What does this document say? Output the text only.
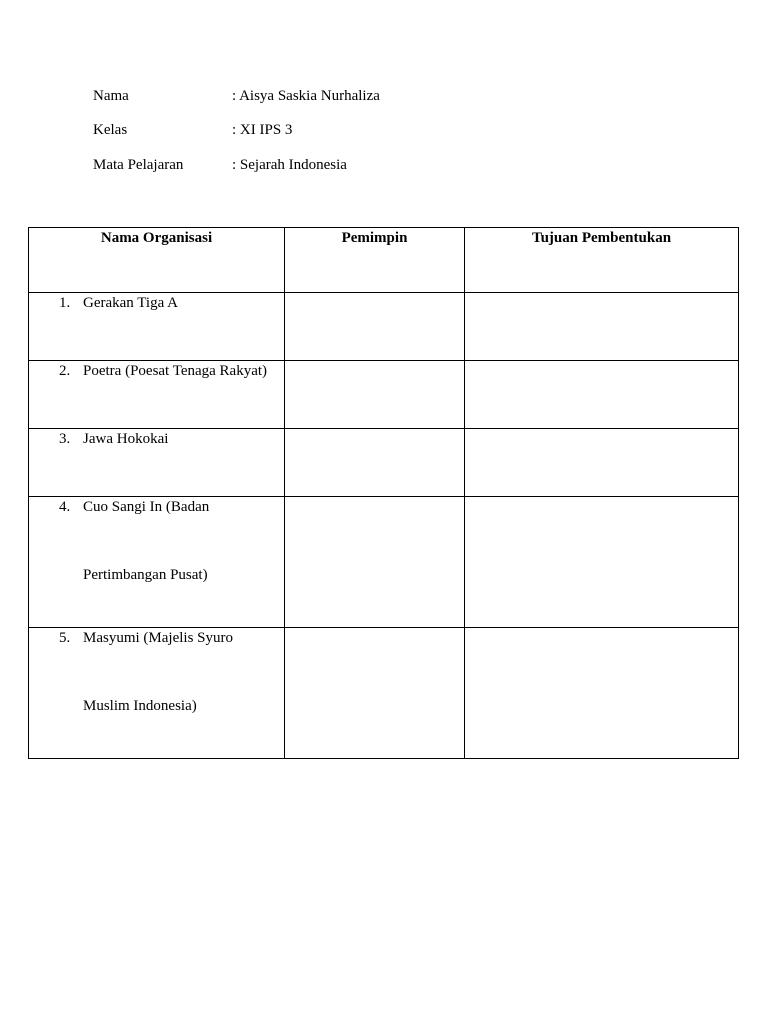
Nama	: Aisya Saskia Nurhaliza
Kelas	: XI IPS 3
Mata Pelajaran	: Sejarah Indonesia
Nama Organisasi	Pemimpin	Tujuan Pembentukan

1. Gerakan Tiga A		

2. Poetra (Poesat Tenaga Rakyat)		

3. Jawa Hokokai		

4. Cuo Sangi In (Badan
Pertimbangan Pusat)		

5. Masyumi (Majelis Syuro
Muslim Indonesia)		
